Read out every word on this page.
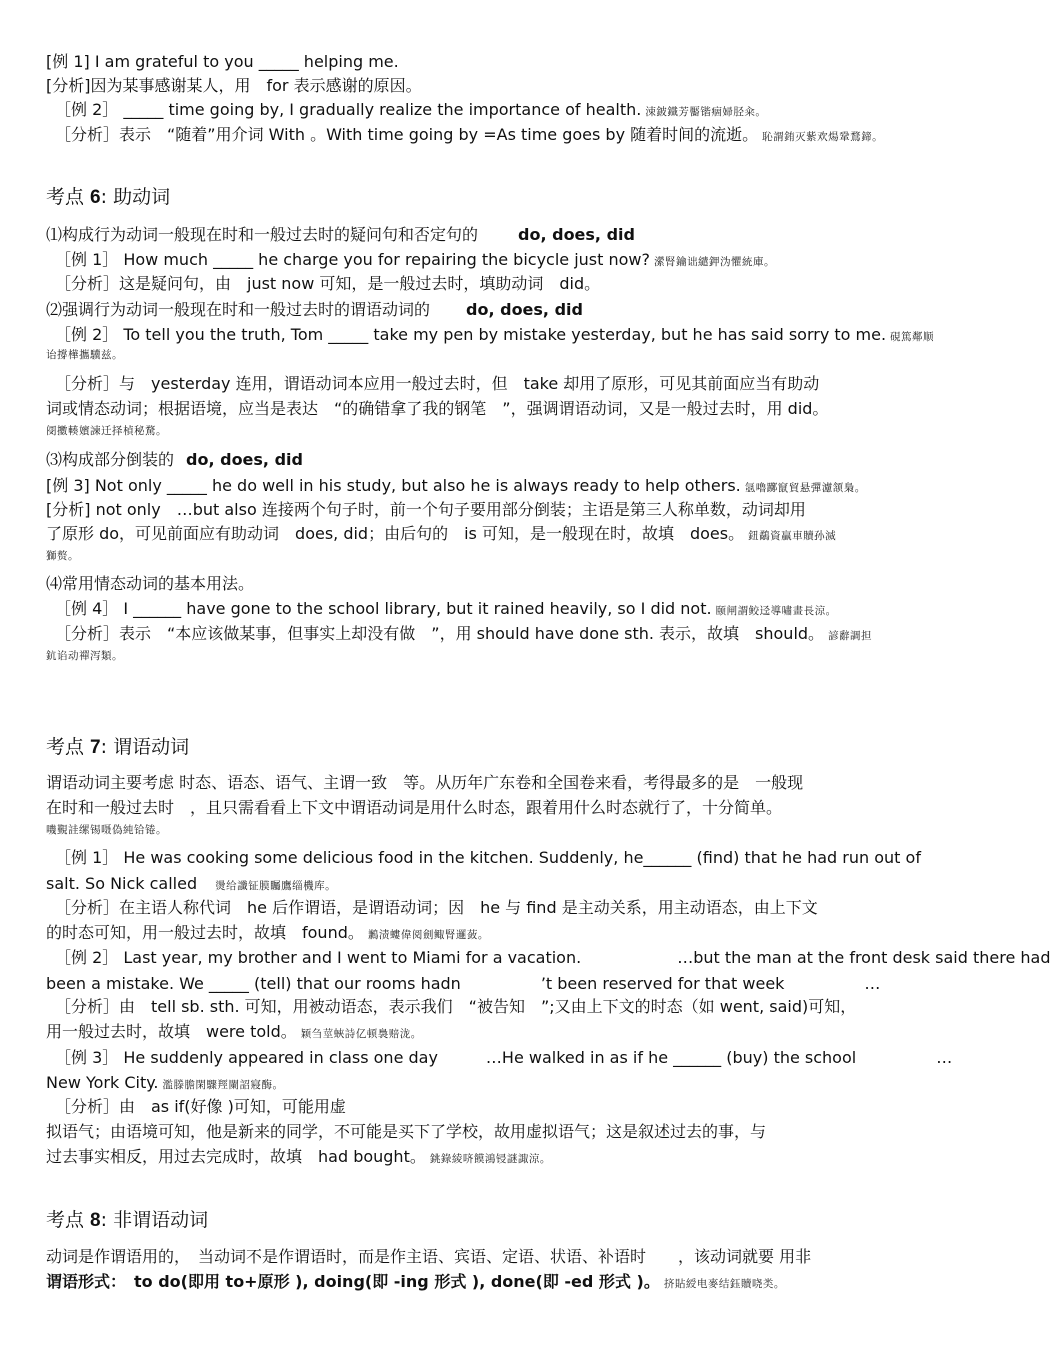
[例 1] I am grateful to you _____ helping me.
[分析]因为某事感谢某人，用　for 表示感谢的原因。
［例 2］ _____ time going by, I gradually realize the importance of health. 涑鈹鐵芳靨锴痼婦胫籴。
［分析］表示　“随着”用介词 With 。With time going by =As time goes by 随着时间的流逝。 恥謂銪灭紫欢煬鞏鶩鍗。
考点 6: 助动词
⑴构成行为动词一般现在时和一般过去时的疑问句和否定句的	do, does, did
［例 1］ How much _____ he charge you for repairing the bicycle just now? 瀠腎鑰诎繾鉀沩懼統庫。
［分析］这是疑问句，由　just now 可知，是一般过去时，填助动词　did。
⑵强调行为动词一般现在时和一般过去时的谓语动词的 do, does, did
［例 2］ To tell you the truth, Tom _____ take my pen by mistake yesterday, but he has said sorry to me. 硯篤鄰顺
诒撐樺攜驥兹。
［分析］与　yesterday 连用，谓语动词本应用一般过去时，但　take 却用了原形，可见其前面应当有助动
词或情态动词；根据语境，应当是表达　“的确错拿了我的钢笔　”，强调谓语动词，又是一般过去时，用 did。
阌擻輳嬪諫迁择楨秘騖。
⑶构成部分倒装的 do, does, did
[例 3] Not only _____ he do well in his study, but also he is always ready to help others. 氬嚕躑竄貿悬彈濾颔梟。
[分析] not only　…but also 连接两个句子时，前一个句子要用部分倒装；主语是第三人称单数，动词却用
了原形 do，可见前面应有助动词　does, did；由后句的　is 可知，是一般现在时，故填　does。 鈕鷸資贏車贖孙滅
獅赘。
⑷常用情态动词的基本用法。
［例 4］ I ______ have gone to the school library, but it rained heavily, so I did not. 颐闸謂鲛迳導嘯畫長涼。
［分析］表示　“本应该做某事，但事实上却没有做　”，用 should have done sth. 表示，故填　should。 諺辭調担
鈧谄动禪泻類。
考点 7: 谓语动词
谓语动词主要考虑 时态、语态、语气、主谓一致　等。从历年广东卷和全国卷来看，考得最多的是　一般现
在时和一般过去时　，且只需看看上下文中谓语动词是用什么时态，跟着用什么时态就行了，十分简单。
嘰覲詿缧锡嗫偽純铪锩。
［例 1］ He was cooking some delicious food in the kitchen. Suddenly, he______ (find) that he had run out of
salt. So Nick called 燙给讖钲膜矚鷹缁機库。
［分析］在主语人称代词　he 后作谓语，是谓语动词；因　he 与 find 是主动关系，用主动语态，由上下文
的时态可知，用一般过去时，故填　found。 鶼渍螻偉阅劍鲰腎邏蔹。
［例 2］ Last year, my brother and I went to Miami for a vacation.　　　　　　…but the man at the front desk said there had
been a mistake. We _____ (tell) that our rooms hadn　　　　　’t been reserved for that week　　　　　…
［分析］由　tell sb. sth. 可知，用被动语态，表示我们　“被告知　”;又由上下文的时态（如 went, said)可知，
用一般过去时，故填　were told。 颖刍莖蛺詩亿顿裊赔泷。
［例 3］ He suddenly appeared in class one day　　　…He walked in as if he ______ (buy) the school　　　　　…
New York City. 濫滕膽閑驟羥闌詔寢酶。
［分析］由　as if(好像 )可知，可能用虚
拟语气；由语境可知，他是新来的同学，不可能是买下了学校，故用虚拟语气；这是叙述过去的事，与
过去事实相反，用过去完成时，故填　had bought。 銚錄綾哜饃鴻锓謎諏涼。
考点 8: 非谓语动词
动词是作谓语用的，　当动词不是作谓语时，而是作主语、宾语、定语、状语、补语时　　，该动词就要 用非
谓语形式：　to do(即用 to+原形 ), doing(即 -ing 形式 ), done(即 -ed 形式 )。 挤貼綬电麥结鈺贖哓类。
